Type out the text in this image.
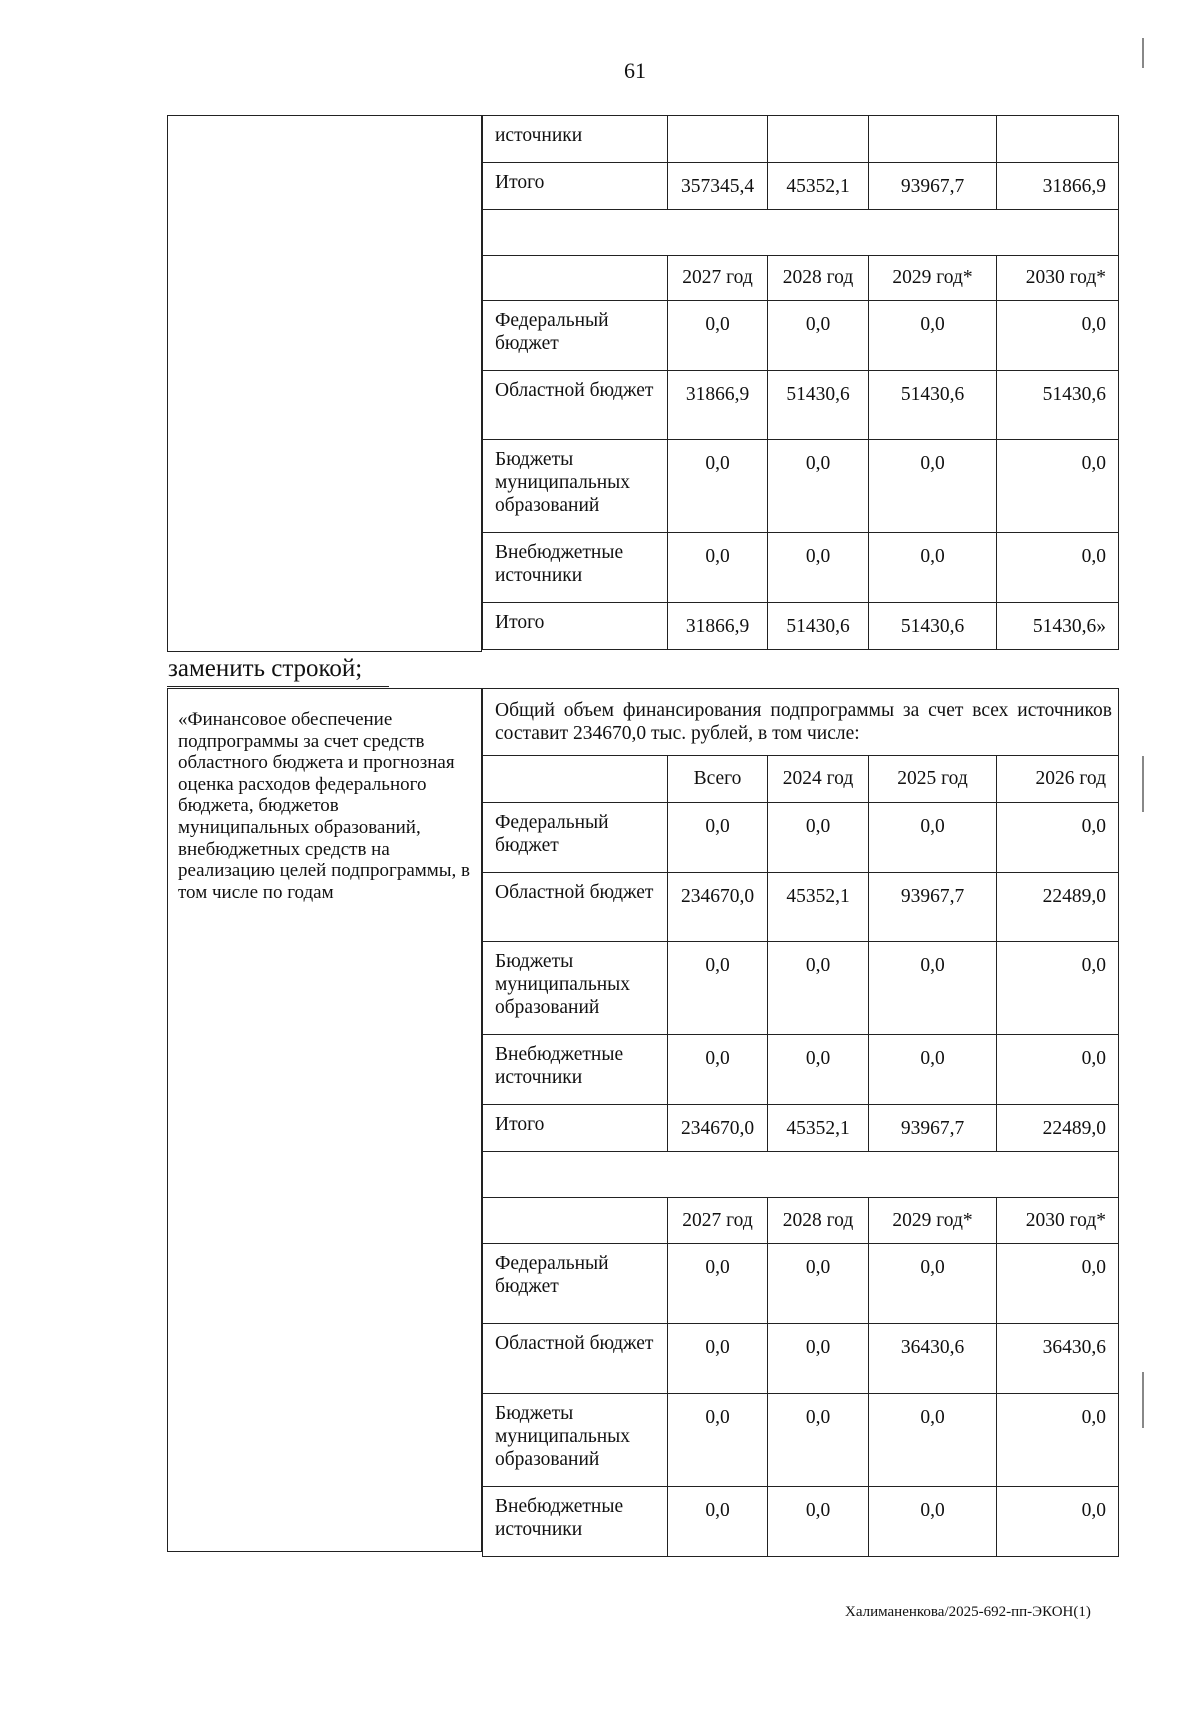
61
источники				
Итого	357345,4	45352,1	93967,7	31866,9

	2027 год	2028 год	2029 год*	2030 год*
Федеральный бюджет	0,0	0,0	0,0	0,0
Областной бюджет	31866,9	51430,6	51430,6	51430,6
Бюджеты муниципальных образований	0,0	0,0	0,0	0,0
Внебюджетные источники	0,0	0,0	0,0	0,0
Итого	31866,9	51430,6	51430,6	51430,6»
заменить строкой;
«Финансовое обеспечение подпрограммы за счет средств областного бюджета и прогнозная оценка расходов федерального бюджета, бюджетов муниципальных образований, внебюджетных средств на реализацию целей подпрограммы, в том числе по годам
Общий объем финансирования подпрограммы за счет всех источников составит 234670,0 тыс. рублей, в том числе:				
	Всего	2024 год	2025 год	2026 год
Федеральный бюджет	0,0	0,0	0,0	0,0
Областной бюджет	234670,0	45352,1	93967,7	22489,0
Бюджеты муниципальных образований	0,0	0,0	0,0	0,0
Внебюджетные источники	0,0	0,0	0,0	0,0
Итого	234670,0	45352,1	93967,7	22489,0

	2027 год	2028 год	2029 год*	2030 год*
Федеральный бюджет	0,0	0,0	0,0	0,0
Областной бюджет	0,0	0,0	36430,6	36430,6
Бюджеты муниципальных образований	0,0	0,0	0,0	0,0
Внебюджетные источники	0,0	0,0	0,0	0,0
Халиманенкова/2025-692-пп-ЭКОН(1)
